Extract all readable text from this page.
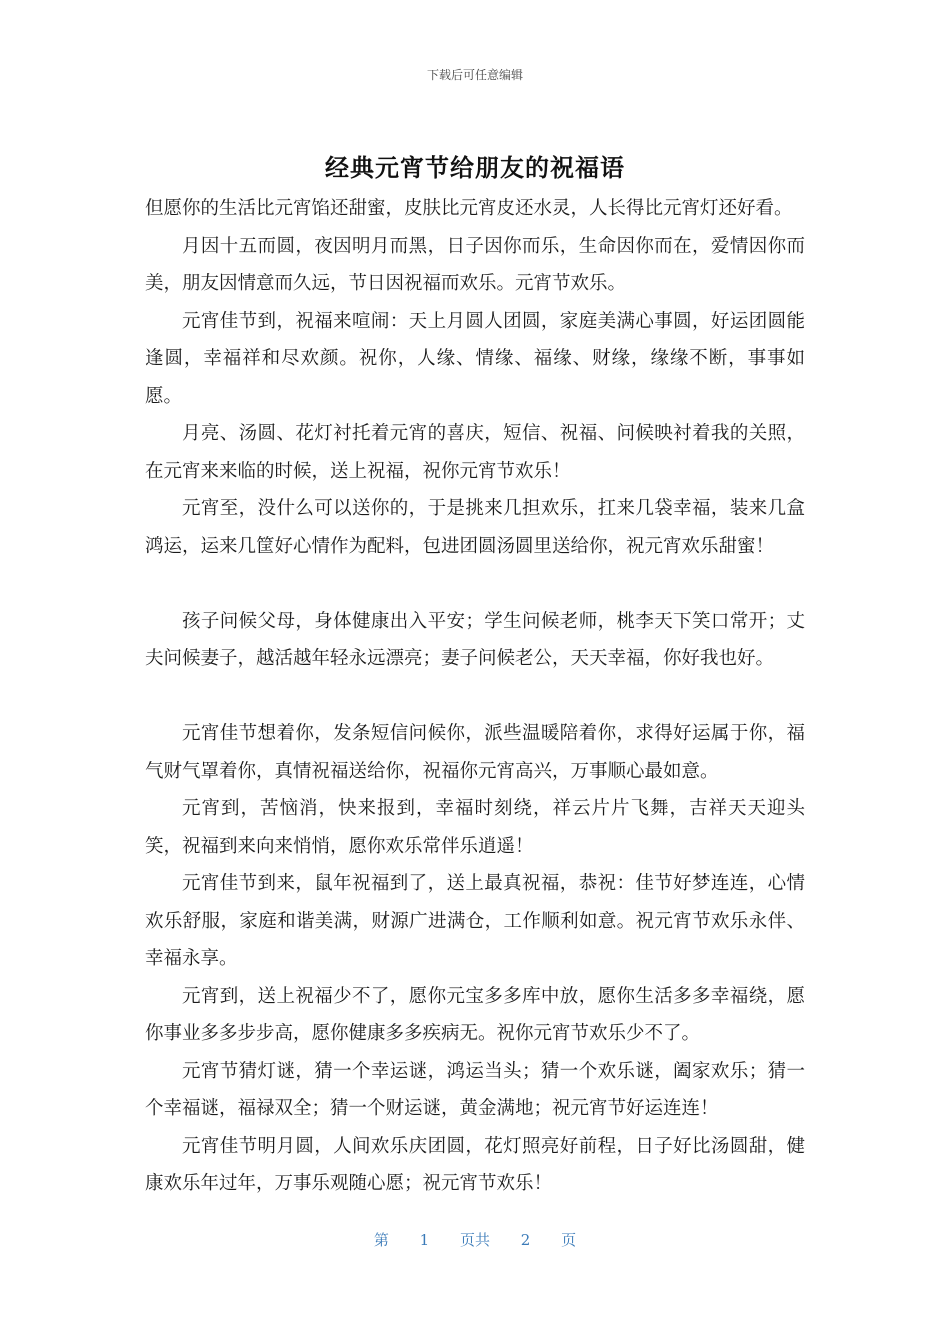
下载后可任意编辑
经典元宵节给朋友的祝福语

但愿你的生活比元宵馅还甜蜜，皮肤比元宵皮还水灵，人长得比元宵灯还好看。

月因十五而圆，夜因明月而黑，日子因你而乐，生命因你而在，爱情因你而美，朋友因情意而久远，节日因祝福而欢乐。元宵节欢乐。

元宵佳节到，祝福来喧闹：天上月圆人团圆，家庭美满心事圆，好运团圆能逢圆，幸福祥和尽欢颜。祝你，人缘、情缘、福缘、财缘，缘缘不断，事事如愿。

月亮、汤圆、花灯衬托着元宵的喜庆，短信、祝福、问候映衬着我的关照，在元宵来来临的时候，送上祝福，祝你元宵节欢乐！

元宵至，没什么可以送你的，于是挑来几担欢乐，扛来几袋幸福，装来几盒鸿运，运来几筐好心情作为配料，包进团圆汤圆里送给你，祝元宵欢乐甜蜜！

孩子问候父母，身体健康出入平安；学生问候老师，桃李天下笑口常开；丈夫问候妻子，越活越年轻永远漂亮；妻子问候老公，天天幸福，你好我也好。

元宵佳节想着你，发条短信问候你，派些温暖陪着你，求得好运属于你，福气财气罩着你，真情祝福送给你，祝福你元宵高兴，万事顺心最如意。

元宵到，苦恼消，快来报到，幸福时刻绕，祥云片片飞舞，吉祥天天迎头笑，祝福到来向来悄悄，愿你欢乐常伴乐逍遥！

元宵佳节到来，鼠年祝福到了，送上最真祝福，恭祝：佳节好梦连连，心情欢乐舒服，家庭和谐美满，财源广进满仓，工作顺利如意。祝元宵节欢乐永伴、幸福永享。

元宵到，送上祝福少不了，愿你元宝多多库中放，愿你生活多多幸福绕，愿你事业多多步步高，愿你健康多多疾病无。祝你元宵节欢乐少不了。

元宵节猜灯谜，猜一个幸运谜，鸿运当头；猜一个欢乐谜，阖家欢乐；猜一个幸福谜，福禄双全；猜一个财运谜，黄金满地；祝元宵节好运连连！

元宵佳节明月圆，人间欢乐庆团圆，花灯照亮好前程，日子好比汤圆甜，健康欢乐年过年，万事乐观随心愿；祝元宵节欢乐！

第 1 页共 2 页
